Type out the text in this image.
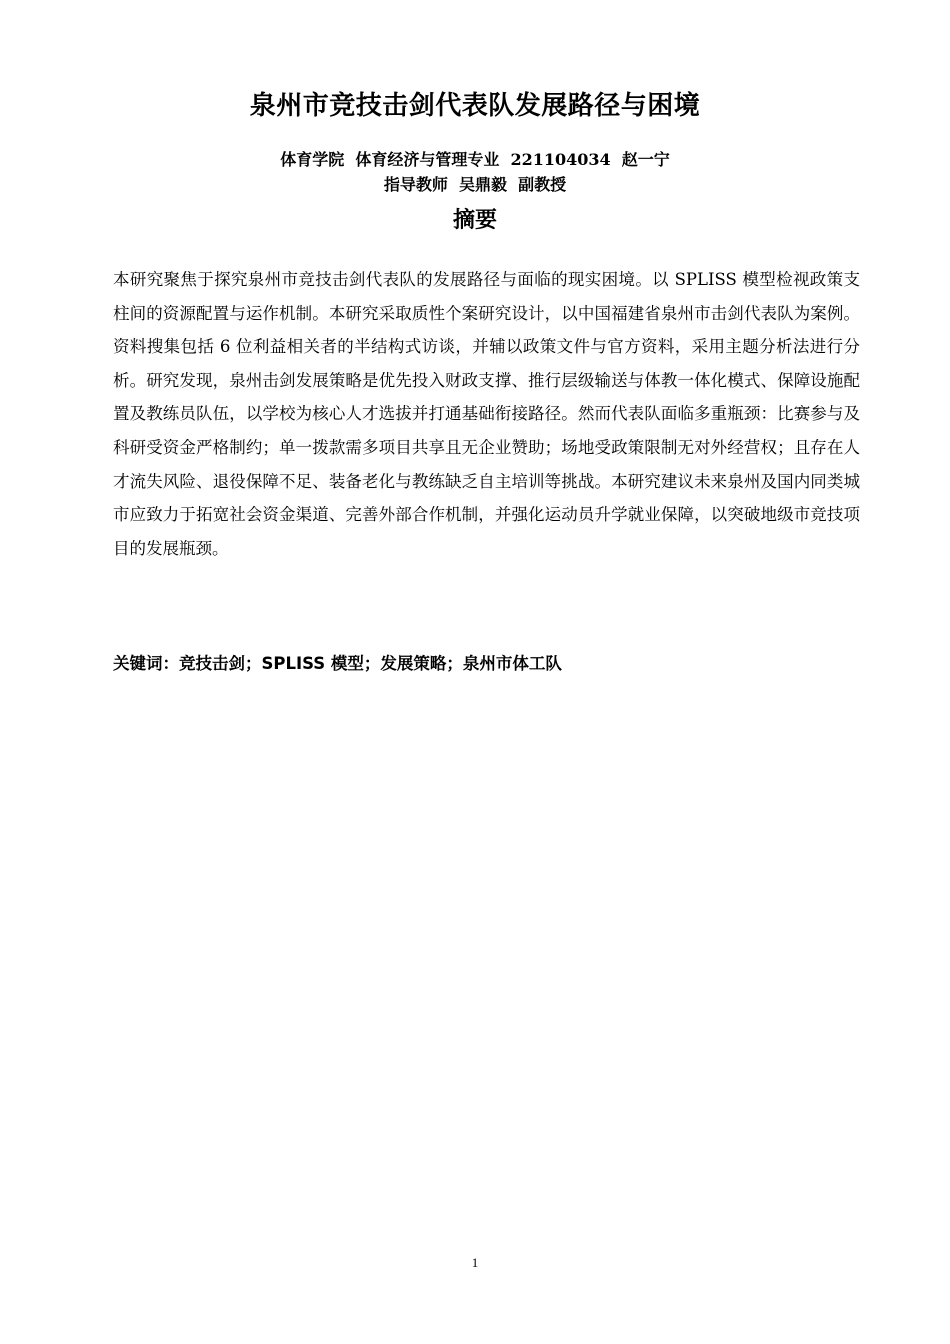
泉州市竞技击剑代表队发展路径与困境
体育学院  体育经济与管理专业  221104034  赵一宁
指导教师  吴鼎毅  副教授
摘要

本研究聚焦于探究泉州市竞技击剑代表队的发展路径与面临的现实困境。以 SPLISS 模型检视政策支柱间的资源配置与运作机制。本研究采取质性个案研究设计，以中国福建省泉州市击剑代表队为案例。资料搜集包括 6 位利益相关者的半结构式访谈，并辅以政策文件与官方资料，采用主题分析法进行分析。研究发现，泉州击剑发展策略是优先投入财政支撑、推行层级输送与体教一体化模式、保障设施配置及教练员队伍，以学校为核心人才选拔并打通基础衔接路径。然而代表队面临多重瓶颈：比赛参与及科研受资金严格制约；单一拨款需多项目共享且无企业赞助；场地受政策限制无对外经营权；且存在人才流失风险、退役保障不足、装备老化与教练缺乏自主培训等挑战。本研究建议未来泉州及国内同类城市应致力于拓宽社会资金渠道、完善外部合作机制，并强化运动员升学就业保障，以突破地级市竞技项目的发展瓶颈。

关键词：竞技击剑；SPLISS 模型；发展策略；泉州市体工队
1
